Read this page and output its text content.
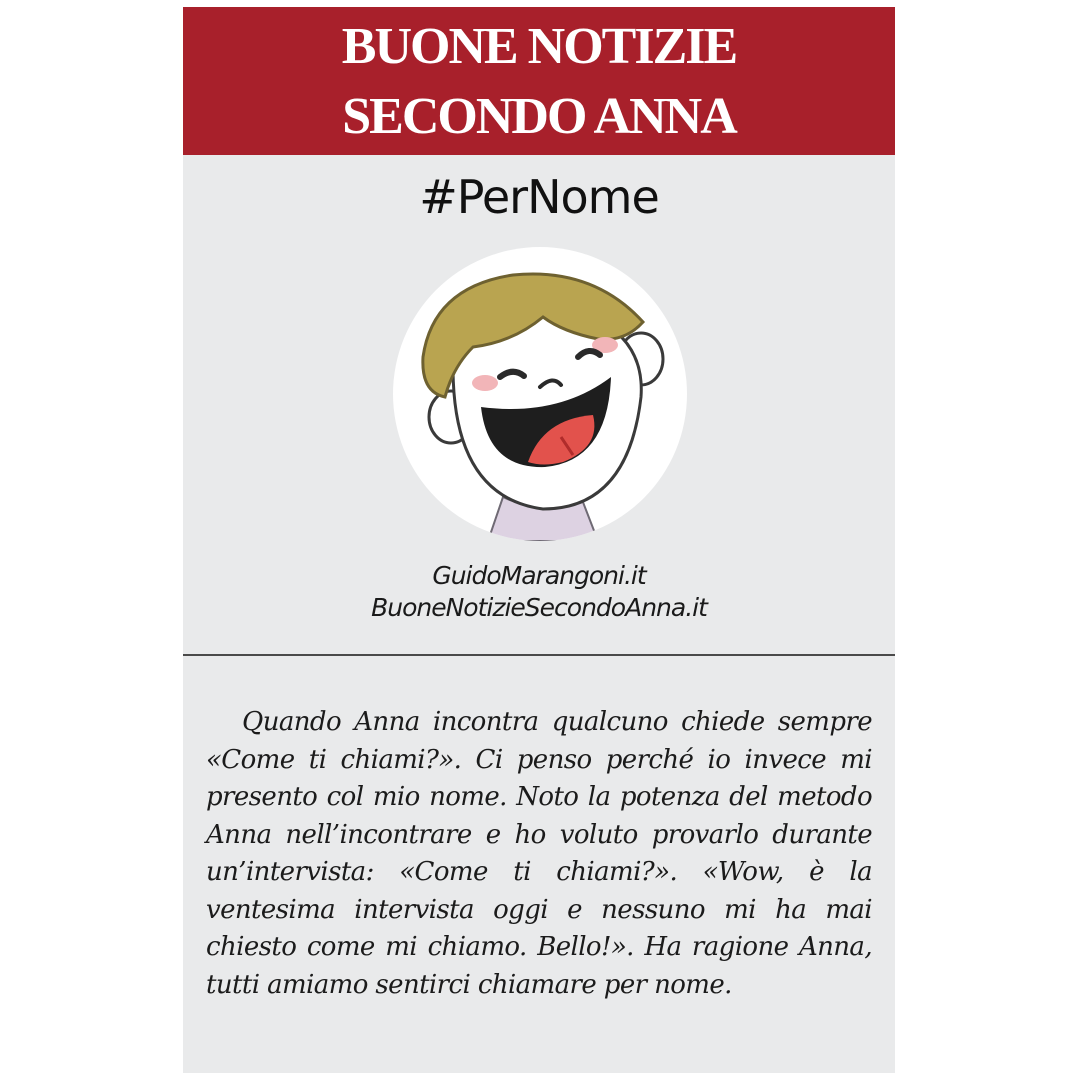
BUONE NOTIZIE
SECONDO ANNA
#PerNome
GuidoMarangoni.it
BuoneNotizieSecondoAnna.it

Quando Anna incontra qualcuno chiede sempre «Come ti chiami?». Ci penso perché io invece mi presento col mio nome. Noto la potenza del metodo Anna nell’incontrare e ho voluto provarlo durante un’intervista: «Come ti chiami?». «Wow, è la ventesima intervista oggi e nessuno mi ha mai chiesto come mi chiamo. Bello!». Ha ragione Anna, tutti amiamo sentirci chiamare per nome.
